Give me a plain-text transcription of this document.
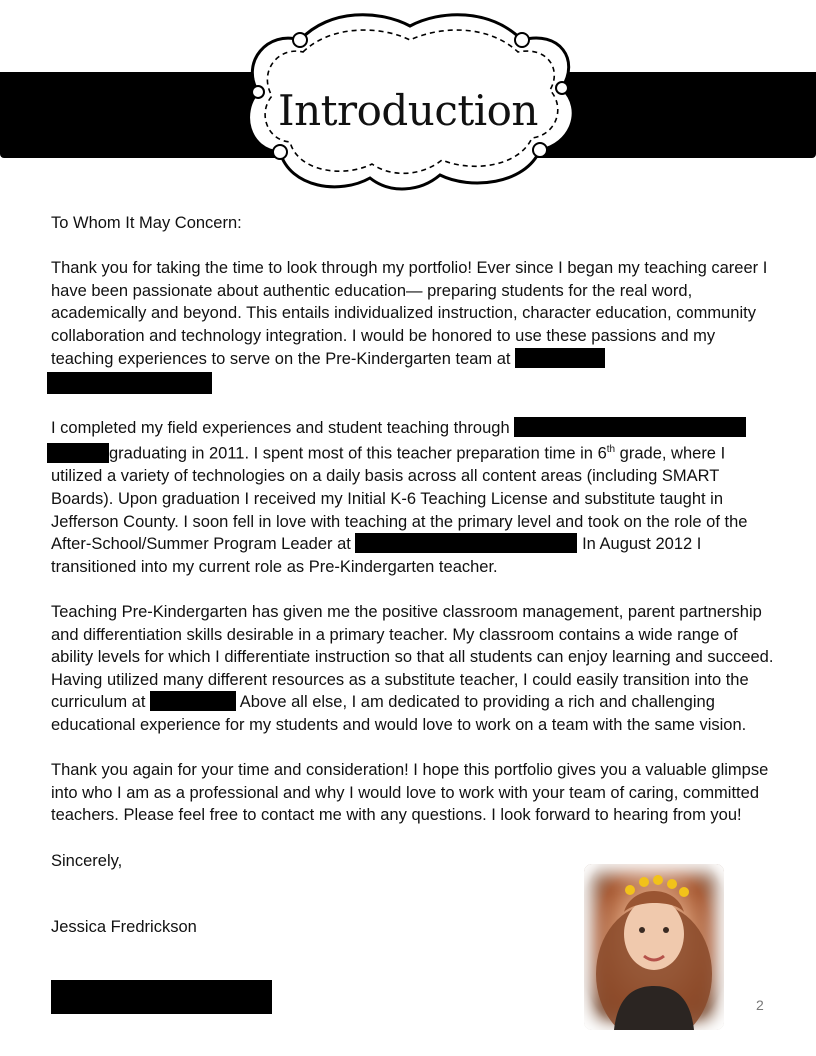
Introduction

To Whom It May Concern:

Thank you for taking the time to look through my portfolio! Ever since I began my teaching career I have been passionate about authentic education— preparing students for the real word, academically and beyond. This entails individualized instruction, character education, community collaboration and technology integration. I would be honored to use these passions and my teaching experiences to serve on the Pre-Kindergarten team at

I completed my field experiences and student teaching through  graduating in 2011. I spent most of this teacher preparation time in 6th grade, where I utilized a variety of technologies on a daily basis across all content areas (including SMART Boards). Upon graduation I received my Initial K-6 Teaching License and substitute taught in Jefferson County. I soon fell in love with teaching at the primary level and took on the role of the After-School/Summer Program Leader at	In August 2012 I transitioned into my current role as Pre-Kindergarten teacher.

Teaching Pre-Kindergarten has given me the positive classroom management, parent partnership and differentiation skills desirable in a primary teacher. My classroom contains a wide range of ability levels for which I differentiate instruction so that all students can enjoy learning and succeed. Having utilized many different resources as a substitute teacher, I could easily transition into the curriculum at	Above all else, I am dedicated to providing a rich and challenging educational experience for my students and would love to work on a team with the same vision.

Thank you again for your time and consideration! I hope this portfolio gives you a valuable glimpse into who I am as a professional and why I would love to work with your team of caring, committed teachers. Please feel free to contact me with any questions. I look forward to hearing from you!

Sincerely,

Jessica Fredrickson

2
